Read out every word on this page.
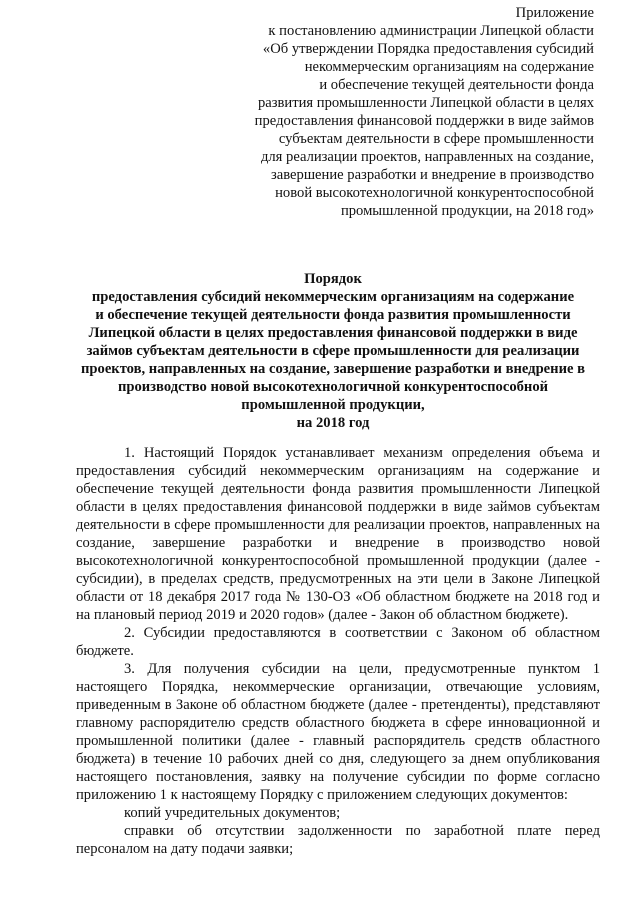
Приложение
к постановлению администрации Липецкой области
«Об утверждении Порядка предоставления субсидий
некоммерческим организациям на содержание
и обеспечение текущей деятельности фонда
развития промышленности Липецкой области в целях
предоставления финансовой поддержки в виде займов
субъектам деятельности в сфере промышленности
для реализации проектов, направленных на создание,
завершение разработки и внедрение в производство
новой высокотехнологичной конкурентоспособной
промышленной продукции, на 2018 год»
Порядок
предоставления субсидий некоммерческим организациям на содержание
и обеспечение текущей деятельности фонда развития промышленности
Липецкой области в целях предоставления финансовой поддержки в виде
займов субъектам деятельности в сфере промышленности для реализации
проектов, направленных на создание, завершение разработки и внедрение в
производство новой высокотехнологичной конкурентоспособной
промышленной продукции,
на 2018 год

1. Настоящий Порядок устанавливает механизм определения объема и предоставления субсидий некоммерческим организациям на содержание и обеспечение текущей деятельности фонда развития промышленности Липецкой области в целях предоставления финансовой поддержки в виде займов субъектам деятельности в сфере промышленности для реализации проектов, направленных на создание, завершение разработки и внедрение в производство новой высокотехнологичной конкурентоспособной промышленной продукции (далее - субсидии), в пределах средств, предусмотренных на эти цели в Законе Липецкой области от 18 декабря 2017 года № 130-ОЗ «Об областном бюджете на 2018 год и на плановый период 2019 и 2020 годов» (далее - Закон об областном бюджете).

2. Субсидии предоставляются в соответствии с Законом об областном бюджете.

3. Для получения субсидии на цели, предусмотренные пунктом 1 настоящего Порядка, некоммерческие организации, отвечающие условиям, приведенным в Законе об областном бюджете (далее - претенденты), представляют главному распорядителю средств областного бюджета в сфере инновационной и промышленной политики (далее - главный распорядитель средств областного бюджета) в течение 10 рабочих дней со дня, следующего за днем опубликования настоящего постановления, заявку на получение субсидии по форме согласно приложению 1 к настоящему Порядку с приложением следующих документов:

копий учредительных документов;

справки об отсутствии задолженности по заработной плате перед персоналом на дату подачи заявки;
